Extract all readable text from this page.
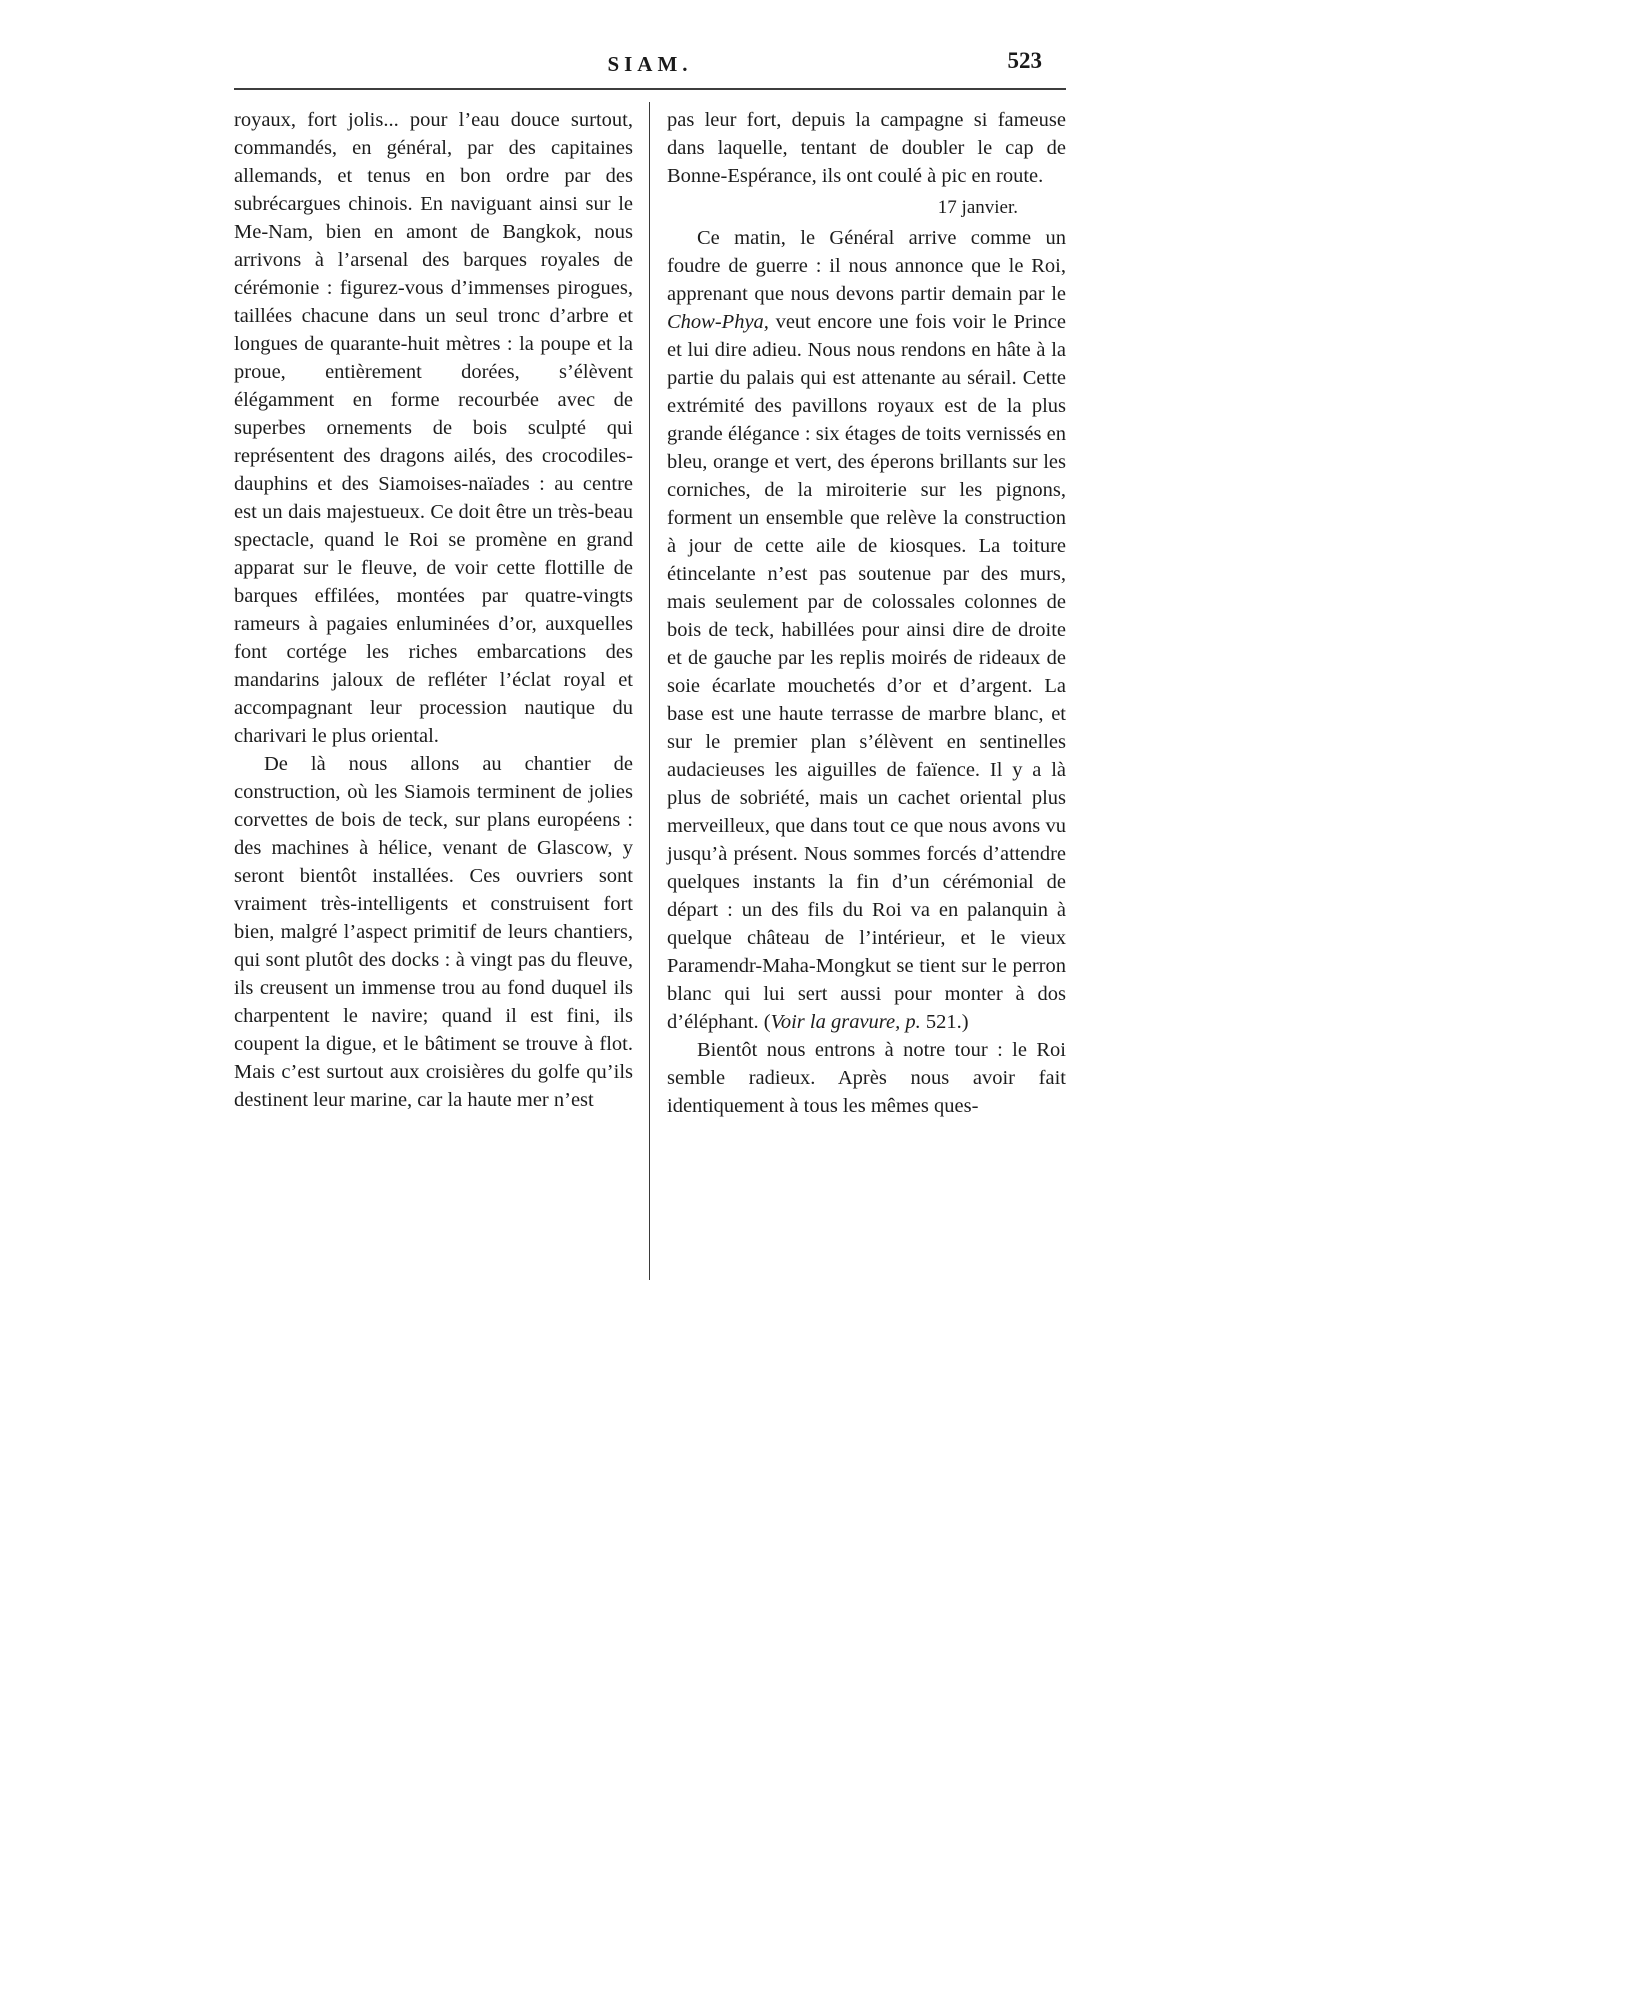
SIAM.	523

royaux, fort jolis... pour l’eau douce surtout, commandés, en général, par des capitaines allemands, et tenus en bon ordre par des subrécargues chinois. En naviguant ainsi sur le Me-Nam, bien en amont de Bangkok, nous arrivons à l’arsenal des barques royales de cérémonie : figurez-vous d’immenses pirogues, taillées chacune dans un seul tronc d’arbre et longues de quarante-huit mètres : la poupe et la proue, entièrement dorées, s’élèvent élégamment en forme recourbée avec de superbes ornements de bois sculpté qui représentent des dragons ailés, des crocodiles-dauphins et des Siamoises-naïades : au centre est un dais majestueux. Ce doit être un très-beau spectacle, quand le Roi se promène en grand apparat sur le fleuve, de voir cette flottille de barques effilées, montées par quatre-vingts rameurs à pagaies enluminées d’or, auxquelles font cortége les riches embarcations des mandarins jaloux de refléter l’éclat royal et accompagnant leur procession nautique du charivari le plus oriental.

De là nous allons au chantier de construction, où les Siamois terminent de jolies corvettes de bois de teck, sur plans européens : des machines à hélice, venant de Glascow, y seront bientôt installées. Ces ouvriers sont vraiment très-intelligents et construisent fort bien, malgré l’aspect primitif de leurs chantiers, qui sont plutôt des docks : à vingt pas du fleuve, ils creusent un immense trou au fond duquel ils charpentent le navire; quand il est fini, ils coupent la digue, et le bâtiment se trouve à flot. Mais c’est surtout aux croisières du golfe qu’ils destinent leur marine, car la haute mer n’est

pas leur fort, depuis la campagne si fameuse dans laquelle, tentant de doubler le cap de Bonne-Espérance, ils ont coulé à pic en route.

17 janvier.

Ce matin, le Général arrive comme un foudre de guerre : il nous annonce que le Roi, apprenant que nous devons partir demain par le Chow-Phya, veut encore une fois voir le Prince et lui dire adieu. Nous nous rendons en hâte à la partie du palais qui est attenante au sérail. Cette extrémité des pavillons royaux est de la plus grande élégance : six étages de toits vernissés en bleu, orange et vert, des éperons brillants sur les corniches, de la miroiterie sur les pignons, forment un ensemble que relève la construction à jour de cette aile de kiosques. La toiture étincelante n’est pas soutenue par des murs, mais seulement par de colossales colonnes de bois de teck, habillées pour ainsi dire de droite et de gauche par les replis moirés de rideaux de soie écarlate mouchetés d’or et d’argent. La base est une haute terrasse de marbre blanc, et sur le premier plan s’élèvent en sentinelles audacieuses les aiguilles de faïence. Il y a là plus de sobriété, mais un cachet oriental plus merveilleux, que dans tout ce que nous avons vu jusqu’à présent. Nous sommes forcés d’attendre quelques instants la fin d’un cérémonial de départ : un des fils du Roi va en palanquin à quelque château de l’intérieur, et le vieux Paramendr-Maha-Mongkut se tient sur le perron blanc qui lui sert aussi pour monter à dos d’éléphant. (Voir la gravure, p. 521.)

Bientôt nous entrons à notre tour : le Roi semble radieux. Après nous avoir fait identiquement à tous les mêmes ques-
